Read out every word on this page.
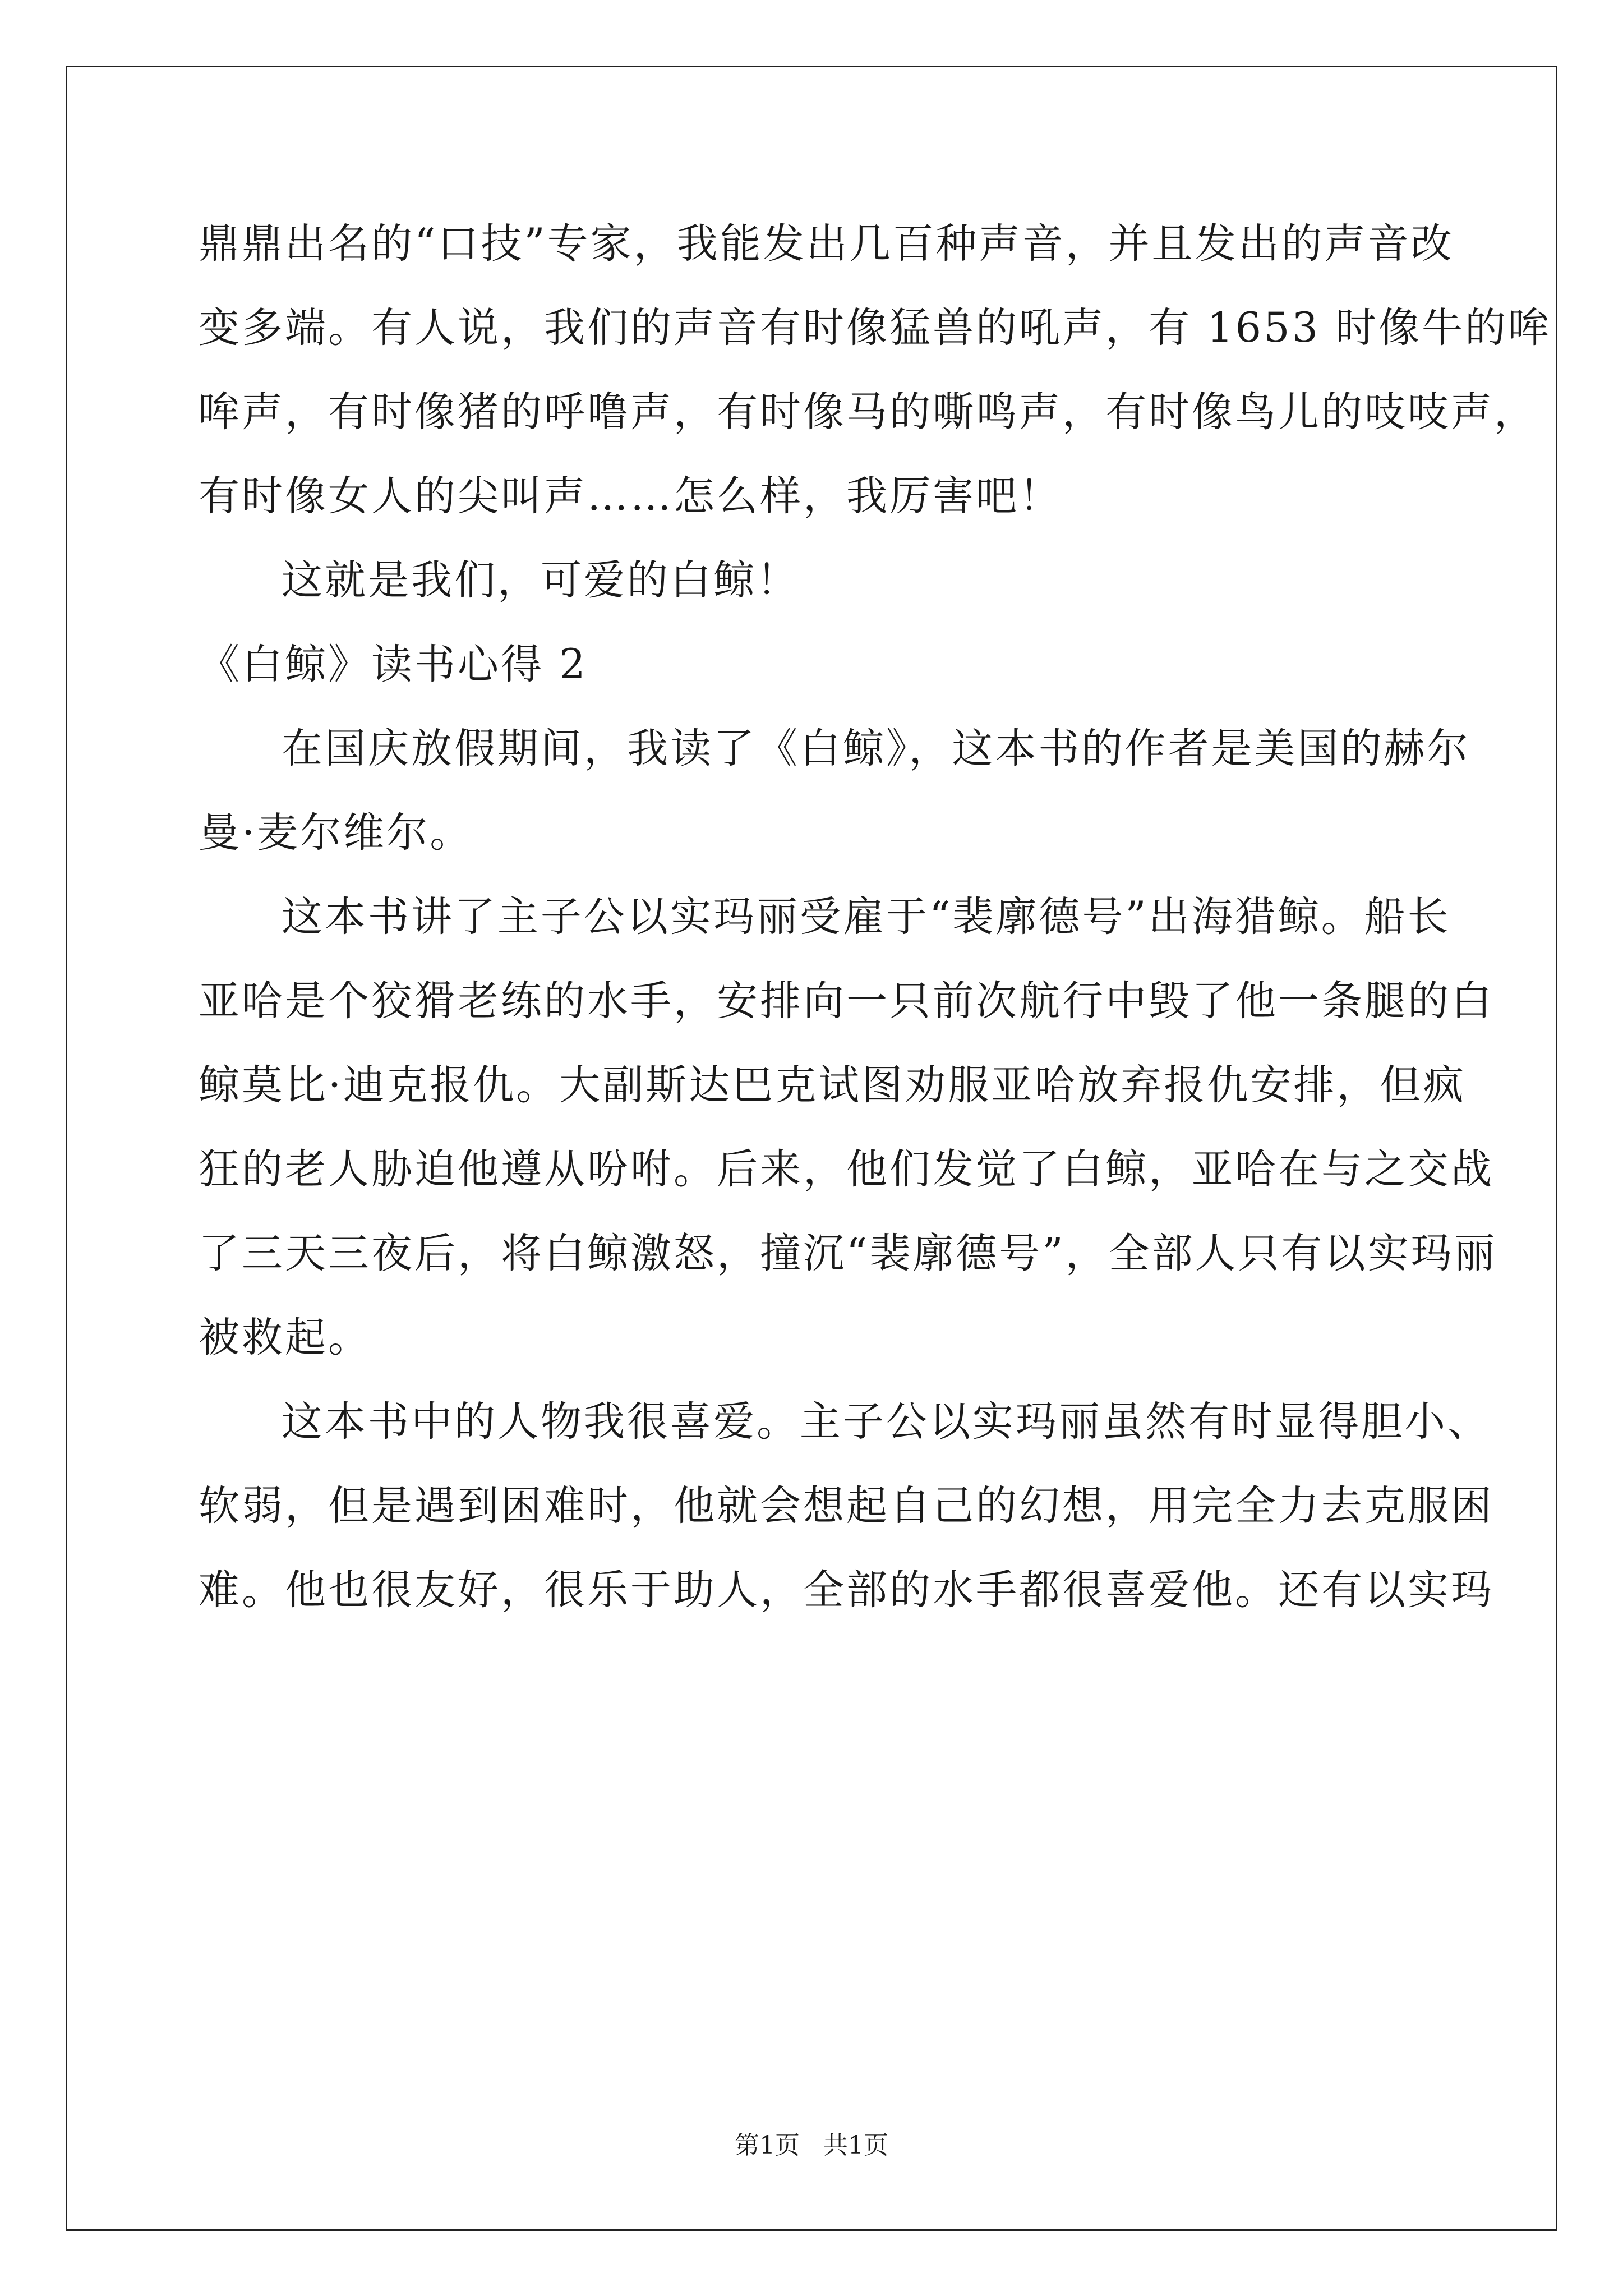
鼎鼎出名的“口技”专家，我能发出几百种声音，并且发出的声音改
变多端。有人说，我们的声音有时像猛兽的吼声，有 1653 时像牛的哞
哞声，有时像猪的呼噜声，有时像马的嘶鸣声，有时像鸟儿的吱吱声，
有时像女人的尖叫声……怎么样，我厉害吧！
这就是我们，可爱的白鲸！
《白鲸》读书心得 2
在国庆放假期间，我读了《白鲸》，这本书的作者是美国的赫尔
曼·麦尔维尔。
这本书讲了主子公以实玛丽受雇于“裴廓德号”出海猎鲸。船长
亚哈是个狡猾老练的水手，安排向一只前次航行中毁了他一条腿的白
鲸莫比·迪克报仇。大副斯达巴克试图劝服亚哈放弃报仇安排，但疯
狂的老人胁迫他遵从吩咐。后来，他们发觉了白鲸，亚哈在与之交战
了三天三夜后，将白鲸激怒，撞沉“裴廓德号”，全部人只有以实玛丽
被救起。
这本书中的人物我很喜爱。主子公以实玛丽虽然有时显得胆小、
软弱，但是遇到困难时，他就会想起自己的幻想，用完全力去克服困
难。他也很友好，很乐于助人，全部的水手都很喜爱他。还有以实玛
第1页   共1页
